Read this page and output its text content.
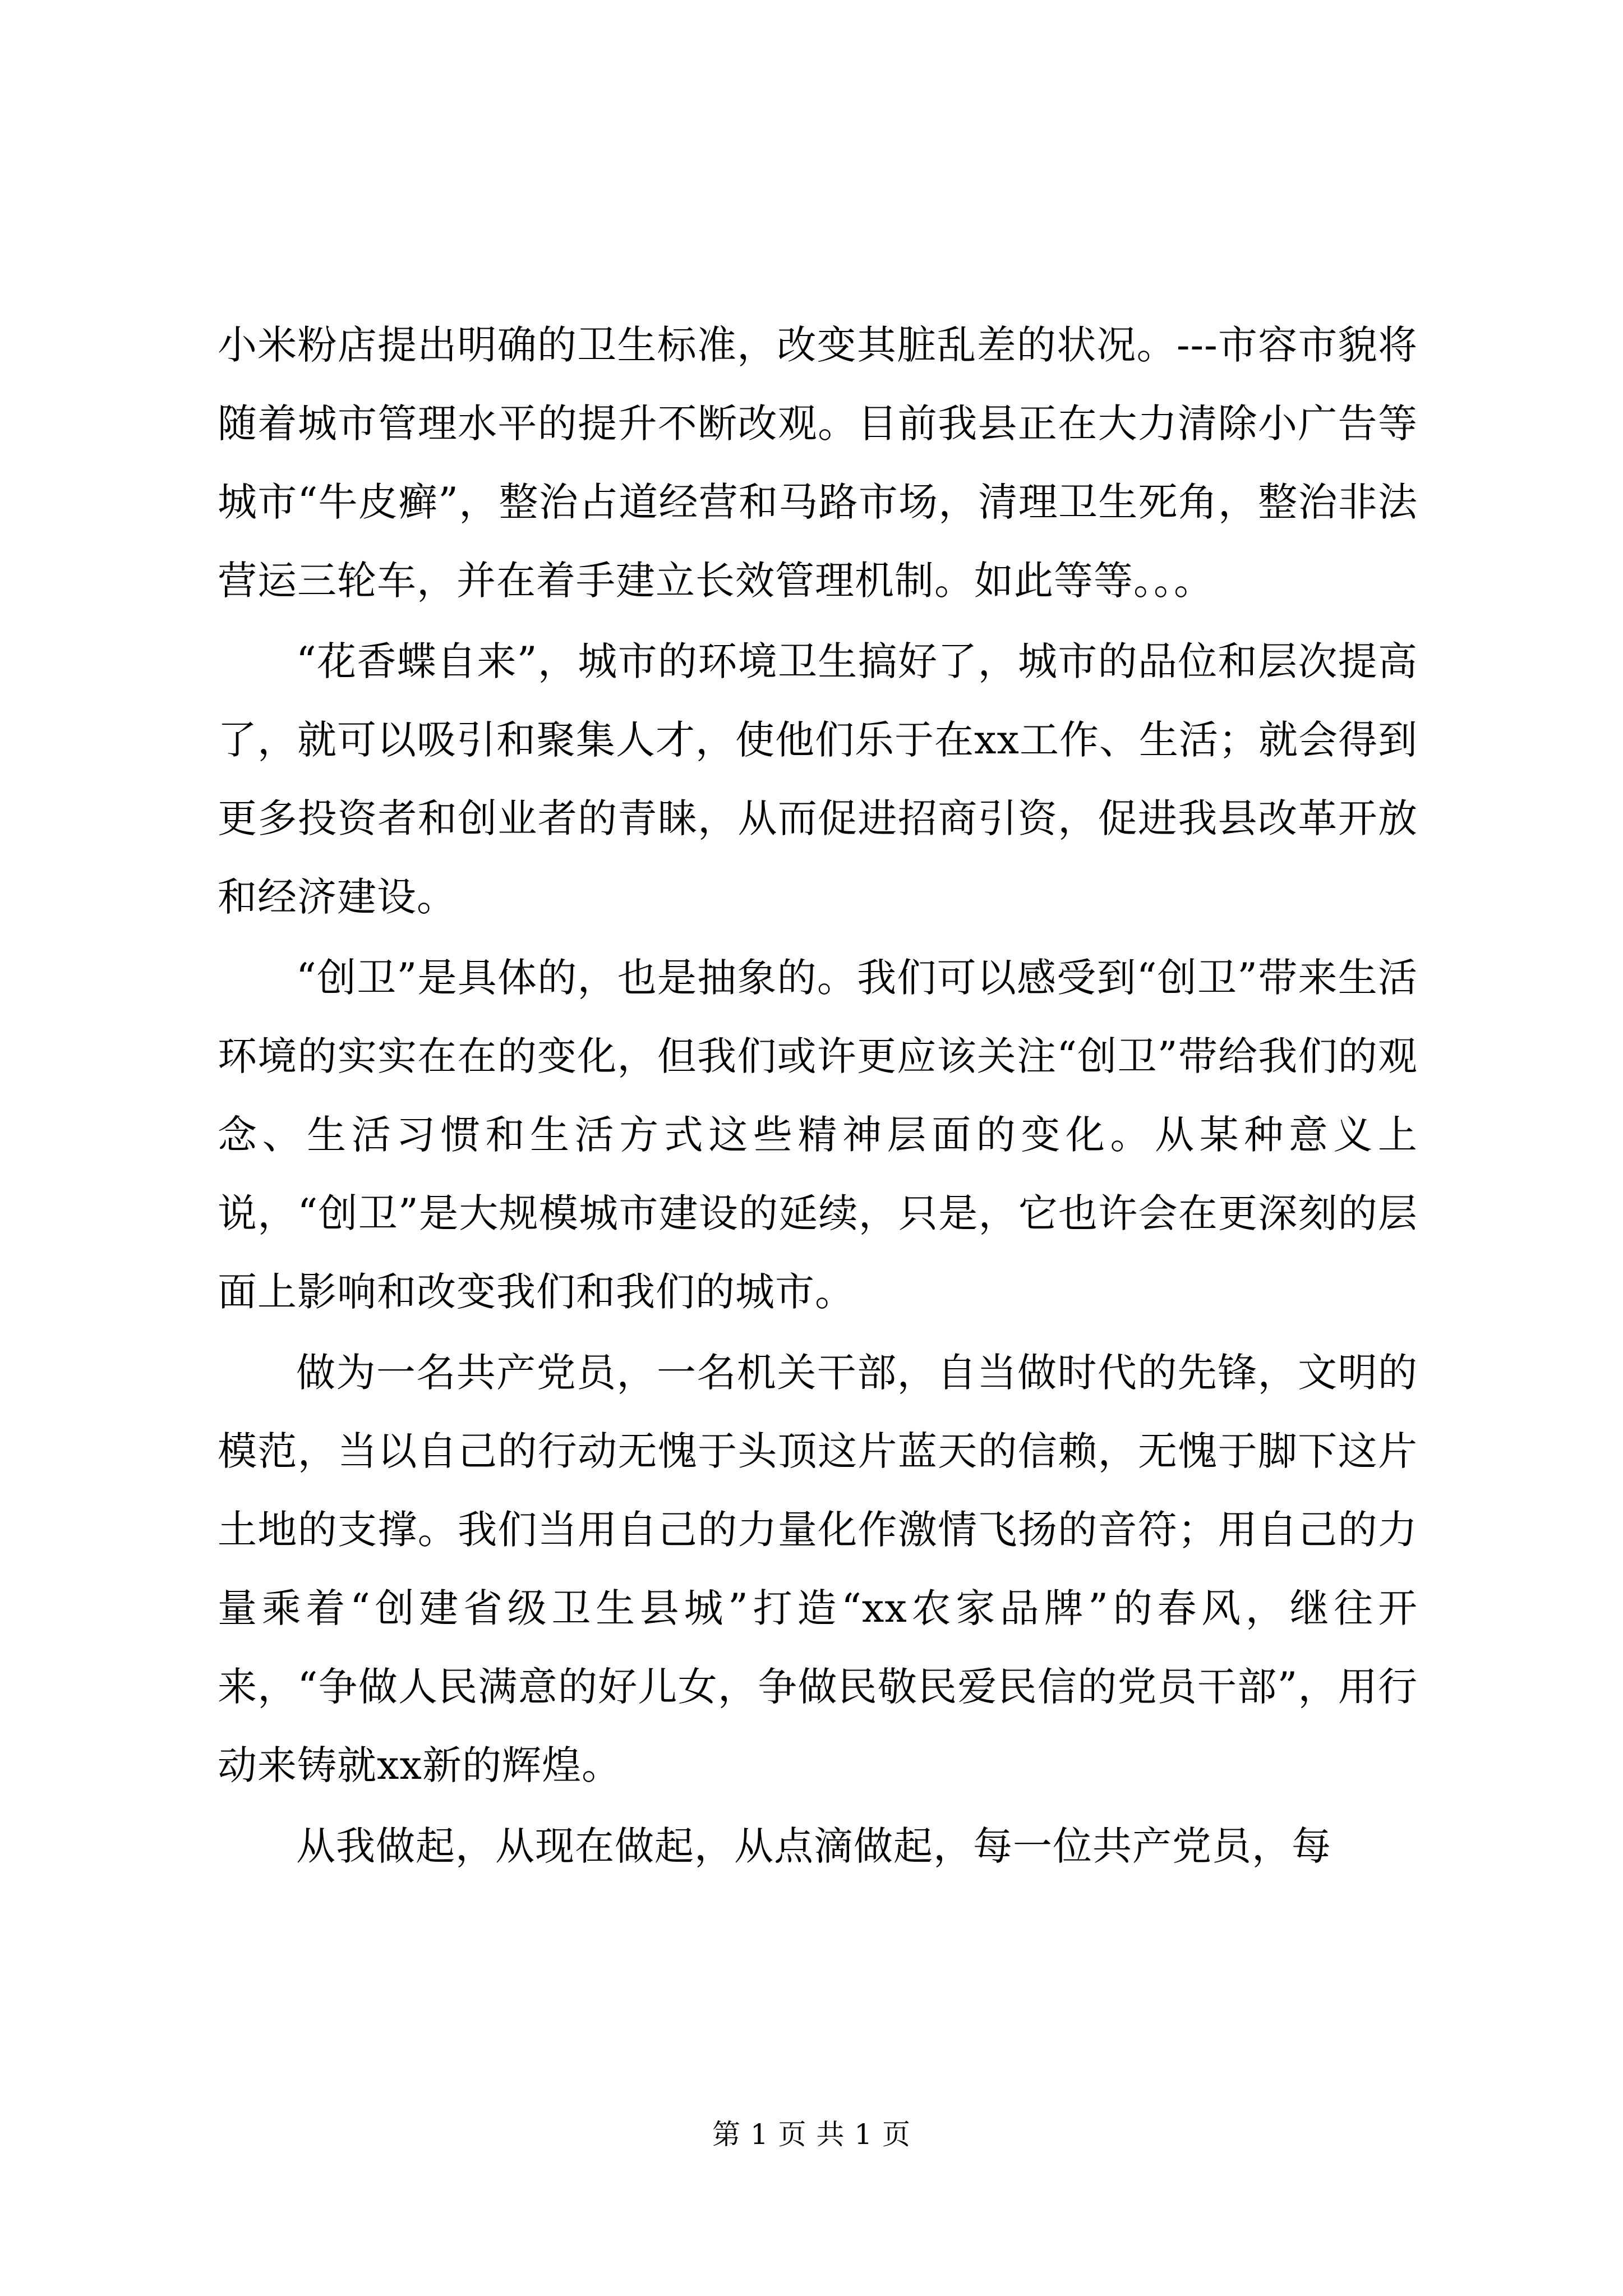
小米粉店提出明确的卫生标准，改变其脏乱差的状况。---市容市貌将随着城市管理水平的提升不断改观。目前我县正在大力清除小广告等城市“牛皮癣”，整治占道经营和马路市场，清理卫生死角，整治非法营运三轮车，并在着手建立长效管理机制。如此等等。。。

“花香蝶自来”，城市的环境卫生搞好了，城市的品位和层次提高了，就可以吸引和聚集人才，使他们乐于在xx工作、生活；就会得到更多投资者和创业者的青睐，从而促进招商引资，促进我县改革开放和经济建设。

“创卫”是具体的，也是抽象的。我们可以感受到“创卫”带来生活环境的实实在在的变化，但我们或许更应该关注“创卫”带给我们的观念、生活习惯和生活方式这些精神层面的变化。从某种意义上说，“创卫”是大规模城市建设的延续，只是，它也许会在更深刻的层面上影响和改变我们和我们的城市。

做为一名共产党员，一名机关干部，自当做时代的先锋，文明的模范，当以自己的行动无愧于头顶这片蓝天的信赖，无愧于脚下这片土地的支撑。我们当用自己的力量化作激情飞扬的音符；用自己的力量乘着“创建省级卫生县城”打造“xx农家品牌”的春风，继往开来，“争做人民满意的好儿女，争做民敬民爱民信的党员干部”，用行动来铸就xx新的辉煌。

从我做起，从现在做起，从点滴做起，每一位共产党员，每

第 1 页 共 1 页
